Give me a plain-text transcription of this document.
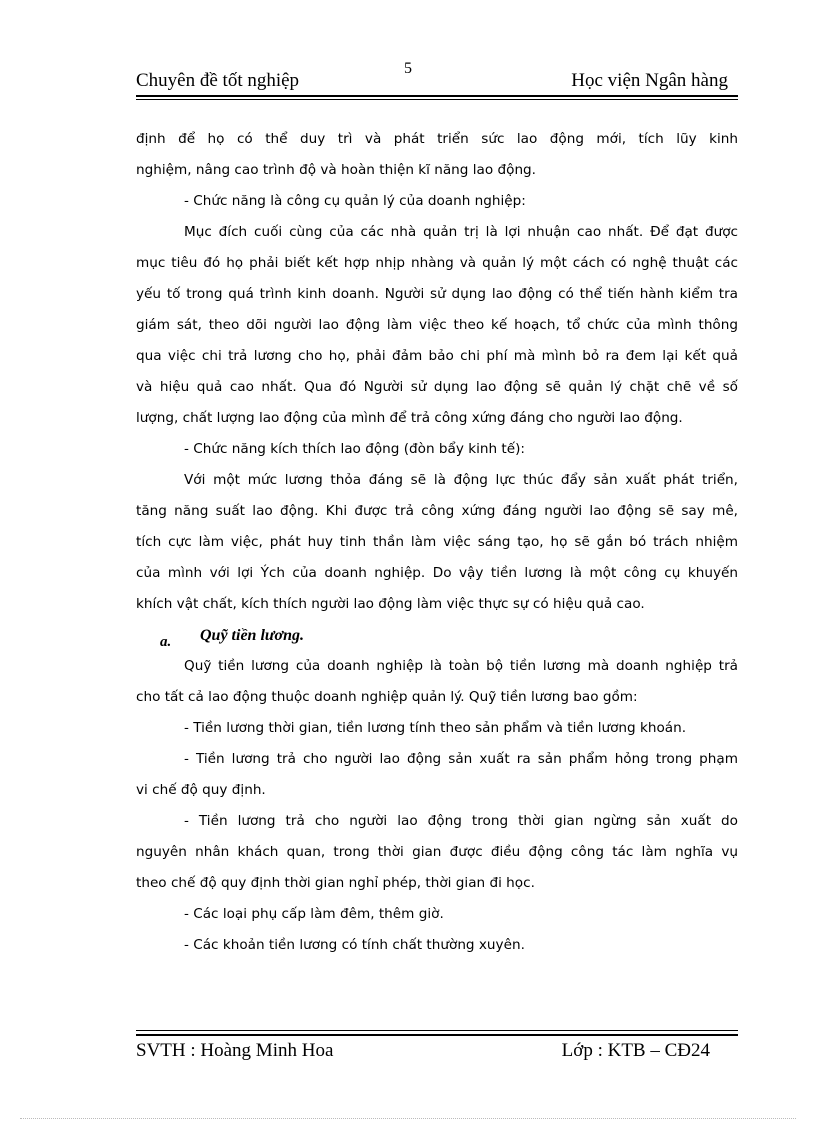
5
Chuyên đề tốt nghiệp	Học viện Ngân hàng
định để họ có thể duy trì và phát triển sức lao động mới, tích lũy kinh
nghiệm, nâng cao trình độ và hoàn thiện kĩ năng lao động.
- Chức năng là công cụ quản lý của doanh nghiệp:
Mục đích cuối cùng của các nhà quản trị là lợi nhuận cao nhất. Để đạt được
mục tiêu đó họ phải biết kết hợp nhịp nhàng và quản lý một cách có nghệ thuật các
yếu tố trong quá trình kinh doanh. Người sử dụng lao động có thể tiến hành kiểm tra
giám sát, theo dõi người lao động làm việc theo kế hoạch, tổ chức của mình thông
qua việc chi trả lương cho họ, phải đảm bảo chi phí mà mình bỏ ra đem lại kết quả
và hiệu quả cao nhất. Qua đó Người sử dụng lao động sẽ quản lý chặt chẽ về số
lượng, chất lượng lao động của mình để trả công xứng đáng cho người lao động.
- Chức năng kích thích lao động (đòn bẩy kinh tế):
Với một mức lương thỏa đáng sẽ là động lực thúc đẩy sản xuất phát triển,
tăng năng suất lao động. Khi được trả công xứng đáng người lao động sẽ say mê,
tích cực làm việc, phát huy tinh thần làm việc sáng tạo, họ sẽ gắn bó trách nhiệm
của mình với lợi Ých của doanh nghiệp. Do vậy tiền lương là một công cụ khuyến
khích vật chất, kích thích người lao động làm việc thực sự có hiệu quả cao.
a. Quỹ tiền lương.
Quỹ tiền lương của doanh nghiệp là toàn bộ tiền lương mà doanh nghiệp trả
cho tất cả lao động thuộc doanh nghiệp quản lý. Quỹ tiền lương bao gồm:
- Tiền lương thời gian, tiền lương tính theo sản phẩm và tiền lương khoán.
- Tiền lương trả cho người lao động sản xuất ra sản phẩm hỏng trong phạm
vi chế độ quy định.
- Tiền lương trả cho người lao động trong thời gian ngừng sản xuất do
nguyên nhân khách quan, trong thời gian được điều động công tác làm nghĩa vụ
theo chế độ quy định thời gian nghỉ phép, thời gian đi học.
- Các loại phụ cấp làm đêm, thêm giờ.
- Các khoản tiền lương có tính chất thường xuyên.
SVTH : Hoàng Minh Hoa	Lớp : KTB – CĐ24
